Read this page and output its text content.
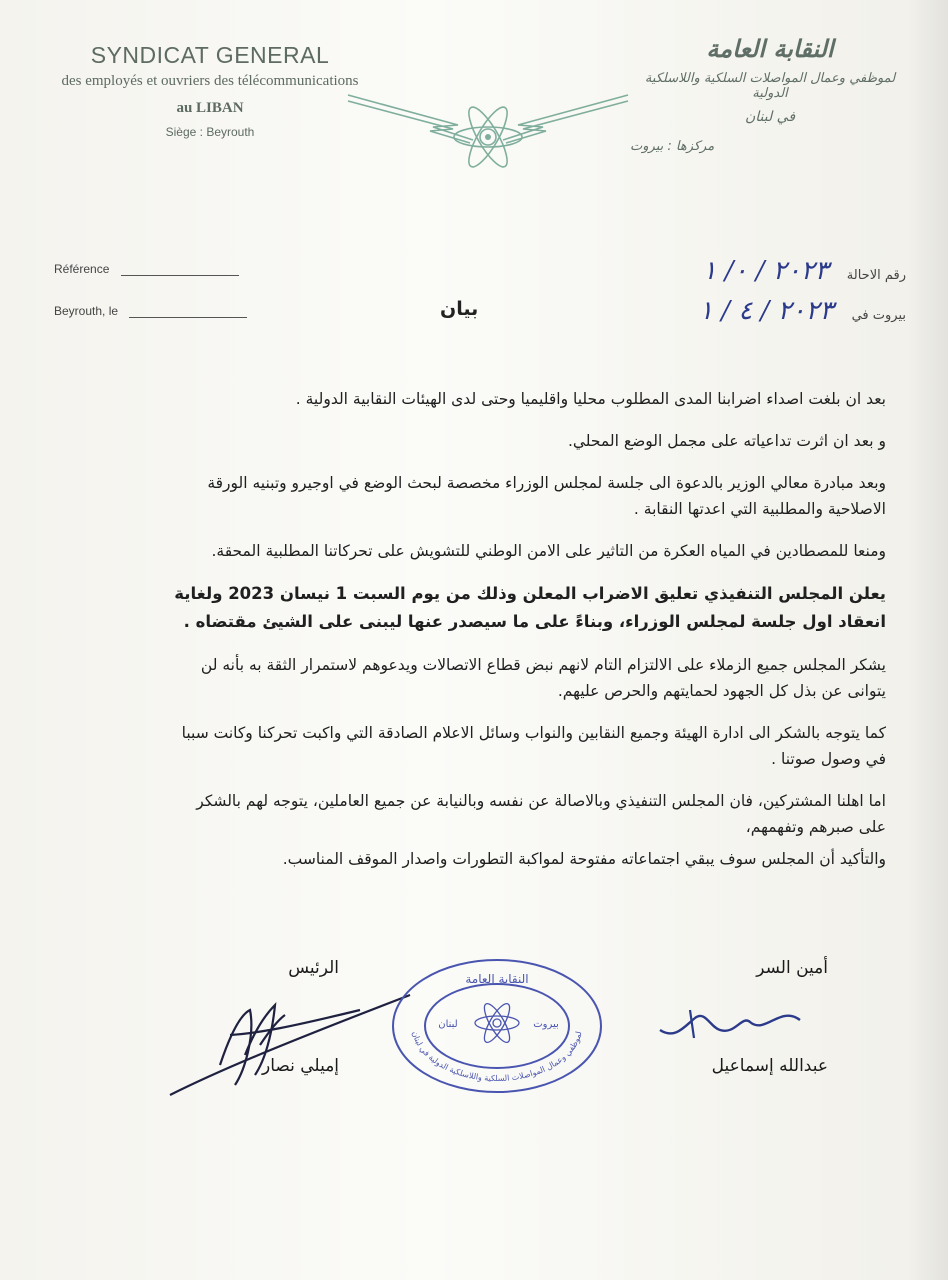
SYNDICAT GENERAL
des employés et ouvriers des télécommunications
au LIBAN
Siège : Beyrouth
النقابة العامة
لموظفي وعمال المواصلات السلكية واللاسلكية الدولية
في لبنان
مركزها : بيروت
Référence
Beyrouth, le
رقم الاحالة ٢٠٢٣ / ٠/ ١
بيروت في ٢٠٢٣ / ٤ / ١
بيان

بعد ان بلغت اصداء اضرابنا المدى المطلوب محليا واقليميا وحتى لدى الهيئات النقابية الدولية .

و بعد ان اثرت تداعياته على مجمل الوضع المحلي.

وبعد مبادرة معالي الوزير بالدعوة الى جلسة لمجلس الوزراء مخصصة لبحث الوضع في اوجيرو وتبنيه الورقة الاصلاحية والمطلبية التي اعدتها النقابة .

ومنعا للمصطادين في المياه العكرة من التاثير على الامن الوطني للتشويش على تحركاتنا المطلبية المحقة.

يعلن المجلس التنفيذي تعليق الاضراب المعلن وذلك من يوم السبت 1 نيسان 2023 ولغاية انعقاد اول جلسة لمجلس الوزراء، وبناءً على ما سيصدر عنها ليبنى على الشيئ مقتضاه .

يشكر المجلس جميع الزملاء على الالتزام التام لانهم نبض قطاع الاتصالات ويدعوهم لاستمرار الثقة به بأنه لن يتوانى عن بذل كل الجهود لحمايتهم والحرص عليهم.

كما يتوجه بالشكر الى ادارة الهيئة وجميع النقابين والنواب وسائل الاعلام الصادقة التي واكبت تحركنا وكانت سببا في وصول صوتنا .

اما اهلنا المشتركين، فان المجلس التنفيذي وبالاصالة عن نفسه وبالنيابة عن جميع العاملين، يتوجه لهم بالشكر على صبرهم وتفهمهم،

والتأكيد أن المجلس سوف يبقي اجتماعاته مفتوحة لمواكبة التطورات واصدار الموقف المناسب.

أمين السر
عبدالله إسماعيل
الرئيس
إميلي نصار
النقابة العامة
لبنان	بيروت
لموظفي وعمال المواصلات السلكية واللاسلكية الدولية في لبنان
